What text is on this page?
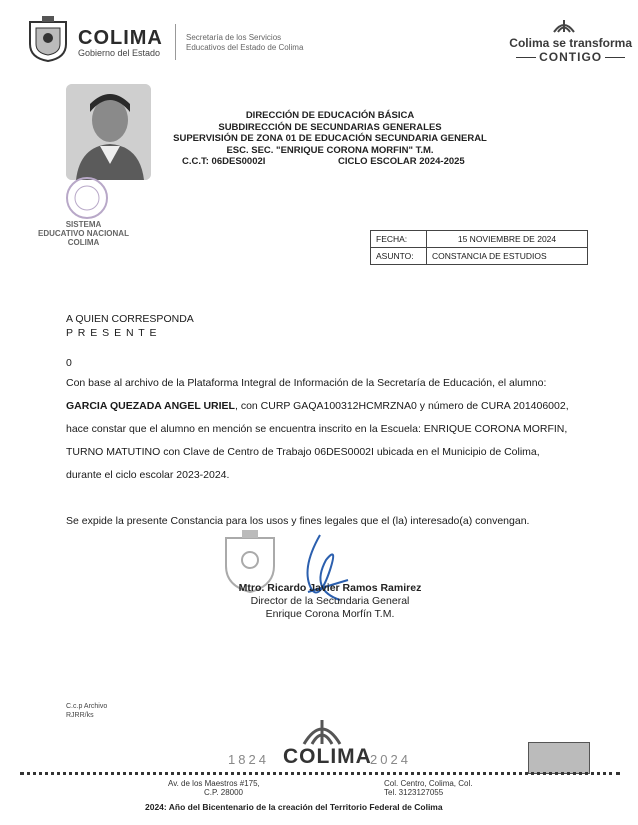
COLIMA
Gobierno del Estado
Secretaría de los Servicios
Educativos del Estado de Colima	Colima se transforma
CONTIGO
SISTEMA
EDUCATIVO NACIONAL
COLIMA
DIRECCIÓN DE EDUCACIÓN BÁSICA
SUBDIRECCIÓN DE SECUNDARIAS GENERALES
SUPERVISIÓN DE ZONA 01 DE EDUCACIÓN SECUNDARIA GENERAL
ESC. SEC. "ENRIQUE CORONA MORFIN" T.M.
C.C.T: 06DES0002I	CICLO ESCOLAR 2024-2025
FECHA:	15 NOVIEMBRE DE 2024
ASUNTO:	CONSTANCIA DE ESTUDIOS

A QUIEN CORRESPONDA

P R E S E N T E

0

Con base al archivo de la Plataforma Integral de Información de la Secretaría de Educación, el alumno:

GARCIA QUEZADA ANGEL URIEL, con CURP GAQA100312HCMRZNA0 y número de CURA 201406002,

hace constar que el alumno en mención se encuentra inscrito en la Escuela: ENRIQUE CORONA MORFIN,

TURNO MATUTINO con Clave de Centro de Trabajo 06DES0002I ubicada en el Municipio de Colima,

durante el ciclo escolar 2023-2024.

Se expide la presente Constancia para los usos y fines legales que el (la) interesado(a) convengan.

Mtro. Ricardo Javier Ramos Ramirez
Director de la Secundaria General
Enrique Corona Morfín T.M.
C.c.p Archivo
RJRR/ks
1824 COLIMA
2024
Av. de los Maestros #175,
C.P. 28000
Col. Centro, Colima, Col.
Tel. 3123127055
2024: Año del Bicentenario de la creación del Territorio Federal de Colima
